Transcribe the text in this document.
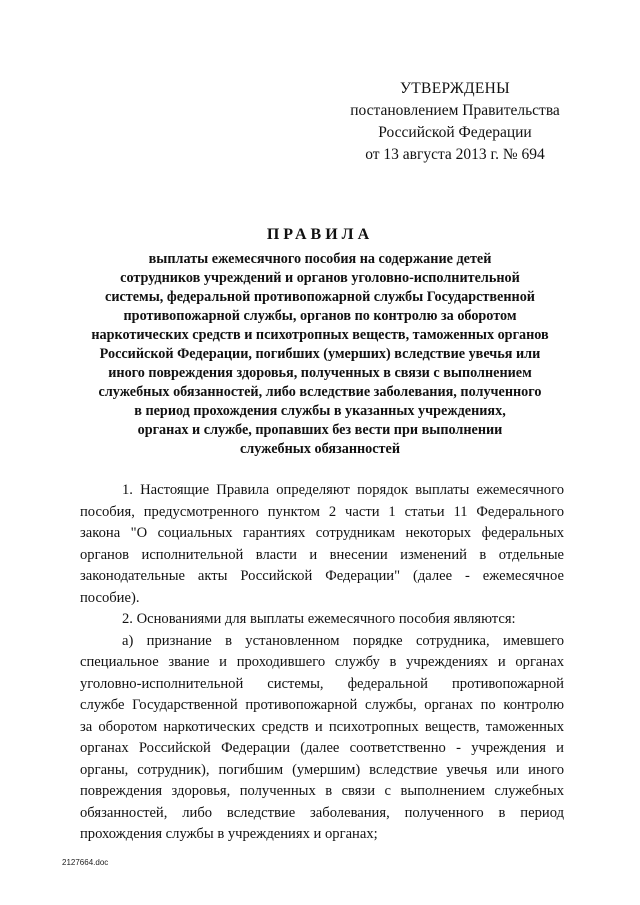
УТВЕРЖДЕНЫ
постановлением Правительства
Российской Федерации
от 13 августа 2013 г. № 694
ПРАВИЛА
выплаты ежемесячного пособия на содержание детей
сотрудников учреждений и органов уголовно-исполнительной
системы, федеральной противопожарной службы Государственной
противопожарной службы, органов по контролю за оборотом
наркотических средств и психотропных веществ, таможенных органов
Российской Федерации, погибших (умерших) вследствие увечья или
иного повреждения здоровья, полученных в связи с выполнением
служебных обязанностей, либо вследствие заболевания, полученного
в период прохождения службы в указанных учреждениях,
органах и службе, пропавших без вести при выполнении
служебных обязанностей
1. Настоящие Правила определяют порядок выплаты ежемесячного
пособия, предусмотренного пунктом 2 части 1 статьи 11 Федерального
закона "О социальных гарантиях сотрудникам некоторых федеральных
органов исполнительной власти и внесении изменений в отдельные
законодательные акты Российской Федерации" (далее - ежемесячное
пособие).
2. Основаниями для выплаты ежемесячного пособия являются:
а) признание в установленном порядке сотрудника, имевшего
специальное звание и проходившего службу в учреждениях и органах
уголовно-исполнительной системы, федеральной противопожарной
службе Государственной противопожарной службы, органах по контролю
за оборотом наркотических средств и психотропных веществ, таможенных
органах Российской Федерации (далее соответственно - учреждения и
органы, сотрудник), погибшим (умершим) вследствие увечья или иного
повреждения здоровья, полученных в связи с выполнением служебных
обязанностей, либо вследствие заболевания, полученного в период
прохождения службы в учреждениях и органах;
2127664.doc
